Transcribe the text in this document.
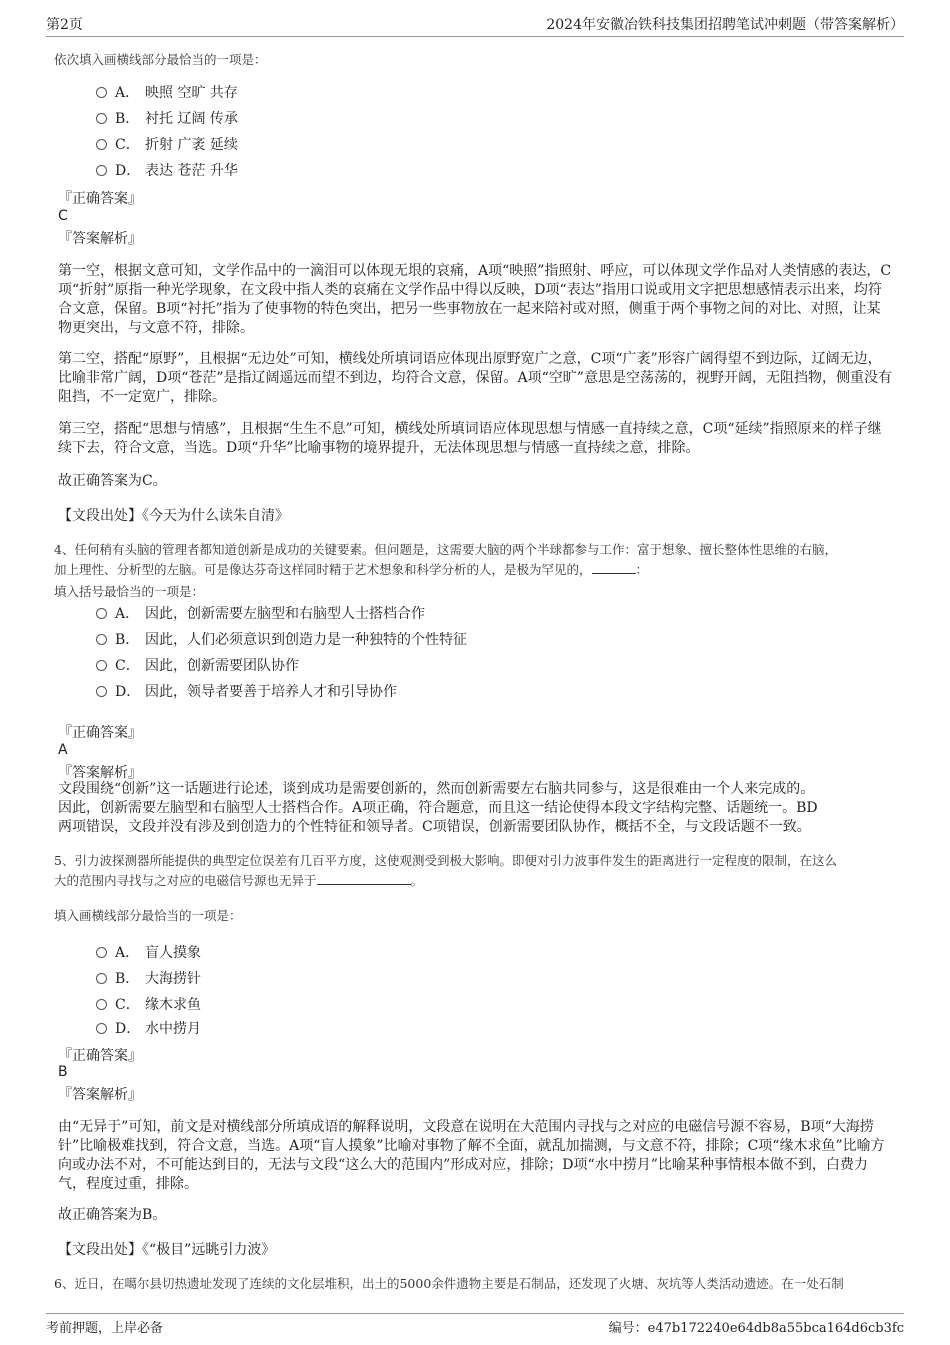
第2页	2024年安徽冶铁科技集团招聘笔试冲刺题（带答案解析）
依次填入画横线部分最恰当的一项是：
A． 映照 空旷 共存
B． 衬托 辽阔 传承
C． 折射 广袤 延续
D． 表达 苍茫 升华
『正确答案』
C
『答案解析』
第一空，根据文意可知，文学作品中的一滴泪可以体现无垠的哀痛，A项“映照”指照射、呼应，可以体现文学作品对人类情感的表达，C项“折射”原指一种光学现象，在文段中指人类的哀痛在文学作品中得以反映，D项“表达”指用口说或用文字把思想感情表示出来，均符合文意，保留。B项“衬托”指为了使事物的特色突出，把另一些事物放在一起来陪衬或对照，侧重于两个事物之间的对比、对照，让某物更突出，与文意不符，排除。
第二空，搭配“原野”，且根据“无边处”可知，横线处所填词语应体现出原野宽广之意，C项“广袤”形容广阔得望不到边际，辽阔无边，比喻非常广阔，D项“苍茫”是指辽阔遥远而望不到边，均符合文意，保留。A项“空旷”意思是空荡荡的，视野开阔，无阻挡物，侧重没有阻挡，不一定宽广，排除。
第三空，搭配“思想与情感”，且根据“生生不息”可知，横线处所填词语应体现思想与情感一直持续之意，C项“延续”指照原来的样子继续下去，符合文意，当选。D项“升华”比喻事物的境界提升，无法体现思想与情感一直持续之意，排除。
故正确答案为C。
【文段出处】《今天为什么读朱自清》
4、任何稍有头脑的管理者都知道创新是成功的关键要素。但问题是，这需要大脑的两个半球都参与工作：富于想象、擅长整体性思维的右脑，
加上理性、分析型的左脑。可是像达芬奇这样同时精于艺术想象和科学分析的人，是极为罕见的，	：
填入括号最恰当的一项是：
A． 因此，创新需要左脑型和右脑型人士搭档合作
B． 因此，人们必须意识到创造力是一种独特的个性特征
C． 因此，创新需要团队协作
D． 因此，领导者要善于培养人才和引导协作
『正确答案』
A
『答案解析』
文段围绕“创新”这一话题进行论述，谈到成功是需要创新的，然而创新需要左右脑共同参与，这是很难由一个人来完成的。
因此，创新需要左脑型和右脑型人士搭档合作。A项正确，符合题意，而且这一结论使得本段文字结构完整、话题统一。BD
两项错误，文段并没有涉及到创造力的个性特征和领导者。C项错误，创新需要团队协作，概括不全，与文段话题不一致。
5、引力波探测器所能提供的典型定位误差有几百平方度，这使观测受到极大影响。即便对引力波事件发生的距离进行一定程度的限制，在这么
大的范围内寻找与之对应的电磁信号源也无异于	。
填入画横线部分最恰当的一项是：
A． 盲人摸象
B． 大海捞针
C． 缘木求鱼
D． 水中捞月
『正确答案』
B
『答案解析』
由“无异于”可知，前文是对横线部分所填成语的解释说明，文段意在说明在大范围内寻找与之对应的电磁信号源不容易，B项“大海捞针”比喻极难找到，符合文意，当选。A项“盲人摸象”比喻对事物了解不全面，就乱加揣测，与文意不符，排除；C项“缘木求鱼”比喻方向或办法不对，不可能达到目的，无法与文段“这么大的范围内”形成对应，排除；D项“水中捞月”比喻某种事情根本做不到，白费力气，程度过重，排除。
故正确答案为B。
【文段出处】《“极目”远眺引力波》
6、近日，在噶尔县切热遗址发现了连续的文化层堆积，出土的5000余件遗物主要是石制品，还发现了火塘、灰坑等人类活动遗迹。在一处石制
考前押题，上岸必备	编号：e47b172240e64db8a55bca164d6cb3fc
